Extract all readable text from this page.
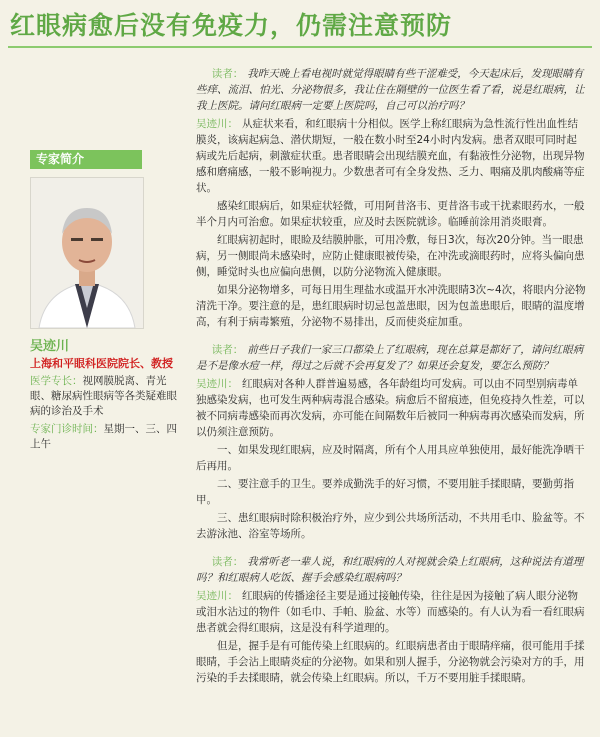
红眼病愈后没有免疫力，仍需注意预防
专家简介
吴迹川
上海和平眼科医院院长、教授
医学专长：视网膜脱离、青光眼、糖尿病性眼病等各类疑难眼病的诊治及手术
专家门诊时间：星期一、三、四上午

读者： 我昨天晚上看电视时就觉得眼睛有些干涩难受，今天起床后，发现眼睛有些痒、流泪、怕光、分泌物很多，我让住在隔壁的一位医生看了看，说是红眼病，让我上医院。请问红眼病一定要上医院吗，自己可以治疗吗？

吴迹川： 从症状来看，和红眼病十分相似。医学上称红眼病为急性流行性出血性结膜炎，该病起病急、潜伏期短，一般在数小时至24小时内发病。患者双眼可同时起病或先后起病，刺激症状重。患者眼睛会出现结膜充血，有黏液性分泌物，出现异物感和磨痛感，一般不影响视力。少数患者可有全身发热、乏力、咽痛及肌肉酸痛等症状。

感染红眼病后，如果症状轻微，可用阿昔洛韦、更昔洛韦或干扰素眼药水，一般半个月内可治愈。如果症状较重，应及时去医院就诊。临睡前涂用消炎眼膏。

红眼病初起时，眼睑及结膜肿胀，可用冷敷，每日3次，每次20分钟。当一眼患病，另一侧眼尚未感染时，应防止健康眼被传染，在冲洗或滴眼药时，应将头偏向患侧，睡觉时头也应偏向患侧，以防分泌物流入健康眼。

如果分泌物增多，可每日用生理盐水或温开水冲洗眼睛3次~4次，将眼内分泌物清洗干净。要注意的是，患红眼病时切忌包盖患眼，因为包盖患眼后，眼睛的温度增高，有利于病毒繁殖，分泌物不易排出，反而使炎症加重。

读者： 前些日子我们一家三口都染上了红眼病，现在总算是都好了，请问红眼病是不是像水痘一样，得过之后就不会再复发了？如果还会复发，要怎么预防？

吴迹川： 红眼病对各种人群普遍易感，各年龄组均可发病。可以由不同型别病毒单独感染发病，也可发生两种病毒混合感染。病愈后不留痕迹，但免疫持久性差，可以被不同病毒感染而再次发病，亦可能在间隔数年后被同一种病毒再次感染而发病，所以仍须注意预防。

一、如果发现红眼病，应及时隔离，所有个人用具应单独使用，最好能洗净晒干后再用。

二、要注意手的卫生。要养成勤洗手的好习惯，不要用脏手揉眼睛，要勤剪指甲。

三、患红眼病时除积极治疗外，应少到公共场所活动，不共用毛巾、脸盆等。不去游泳池、浴室等场所。

读者： 我常听老一辈人说，和红眼病的人对视就会染上红眼病，这种说法有道理吗？和红眼病人吃饭、握手会感染红眼病吗？

吴迹川： 红眼病的传播途径主要是通过接触传染，往往是因为接触了病人眼分泌物或泪水沾过的物件（如毛巾、手帕、脸盆、水等）而感染的。有人认为看一看红眼病患者就会得红眼病，这是没有科学道理的。

但是，握手是有可能传染上红眼病的。红眼病患者由于眼睛痒痛，很可能用手揉眼睛，手会沾上眼睛炎症的分泌物。如果和别人握手，分泌物就会污染对方的手，用污染的手去揉眼睛，就会传染上红眼病。所以，千万不要用脏手揉眼睛。
